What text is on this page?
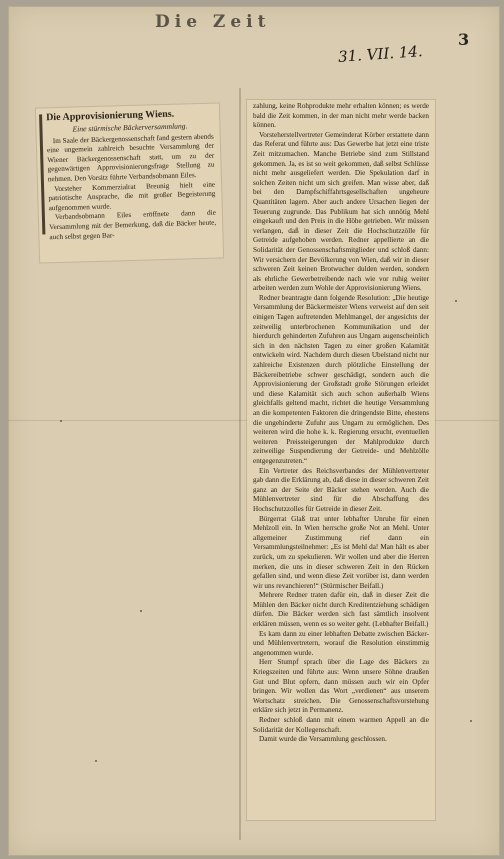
Die Zeit
3
31. VII. 14.
Die Approvisionierung Wiens.
Eine stürmische Bäckerversammlung.

Im Saale der Bäckergenossenschaft fand gestern abends eine ungemein zahlreich besuchte Versammlung der Wiener Bäckergenossenschaft statt, um zu der gegenwärtigen Approvisionierungsfrage Stellung zu nehmen. Den Vorsitz führte Verbandsobmann Eiles.

Vorsteher Kommerzialrat Breunig hielt eine patriotische Ansprache, die mit großer Begeisterung aufgenommen wurde.

Verbandsobmann Eiles eröffnete dann die Versammlung mit der Bemerkung, daß die Bäcker heute, auch selbst gegen Bar-

zahlung, keine Rohprodukte mehr erhalten können; es werde bald die Zeit kommen, in der man nicht mehr werde backen können.

Vorsteherstellvertreter Gemeinderat Körber erstattete dann das Referat und führte aus: Das Gewerbe hat jetzt eine triste Zeit mitzumachen. Manche Betriebe sind zum Stillstand gekommen. Ja, es ist so weit gekommen, daß selbst Schlüsse nicht mehr ausgeliefert werden. Die Spekulation darf in solchen Zeiten nicht um sich greifen. Man wisse aber, daß bei den Dampfschiffahrtsgesellschaften ungeheure Quantitäten lagern. Aber auch andere Ursachen liegen der Teuerung zugrunde. Das Publikum hat sich unnötig Mehl eingekauft und den Preis in die Höhe getrieben. Wir müssen verlangen, daß in dieser Zeit die Hochschutzzölle für Getreide aufgehoben werden. Redner appellierte an die Solidarität der Genossenschaftsmitglieder und schloß dann: Wir versichern der Bevölkerung von Wien, daß wir in dieser schweren Zeit keinen Brotwucher dulden werden, sondern als ehrliche Gewerbetreibende nach wie vor ruhig weiter arbeiten werden zum Wohle der Approvisionierung Wiens.

Redner beantragte dann folgende Resolution: „Die heutige Versammlung der Bäckermeister Wiens verweist auf den seit einigen Tagen auftretenden Mehlmangel, der angesichts der zeitweilig unterbrochenen Kommunikation und der hierdurch gehinderten Zufuhren aus Ungarn augenscheinlich sich in den nächsten Tagen zu einer großen Kalamität entwickeln wird. Nachdem durch diesen Ubelstand nicht nur zahlreiche Existenzen durch plötzliche Einstellung der Bäckereibetriebe schwer geschädigt, sondern auch die Approvisionierung der Großstadt große Störungen erleidet und diese Kalamität sich auch schon außerhalb Wiens gleichfalls geltend macht, richtet die heutige Versammlung an die kompetenten Faktoren die dringendste Bitte, ehestens die ungehinderte Zufuhr aus Ungarn zu ermöglichen. Des weiteren wird die hohe k. k. Regierung ersucht, eventuellen weiteren Preissteigerungen der Mahlprodukte durch zeitweilige Suspendierung der Getreide- und Mehlzölle entgegenzutreten.“

Ein Vertreter des Reichsverbandes der Mühlenvertreter gab dann die Erklärung ab, daß diese in dieser schweren Zeit ganz an der Seite der Bäcker stehen werden. Auch die Mühlenvertreter sind für die Abschaffung des Hochschutzzolles für Getreide in dieser Zeit.

Bürgerrat Glaß trat unter lebhafter Unruhe für einen Mehlzoll ein. In Wien herrsche große Not an Mehl. Unter allgemeiner Zustimmung rief dann ein Versammlungsteilnehmer: „Es ist Mehl da! Man hält es aber zurück, um zu spekulieren. Wir wollen und aber die Herren merken, die uns in dieser schweren Zeit in den Rücken gefallen sind, und wenn diese Zeit vorüber ist, dann werden wir uns revanchieren!“ (Stürmischer Beifall.)

Mehrere Redner traten dafür ein, daß in dieser Zeit die Mühlen den Bäcker nicht durch Kreditentziehung schädigen dürfen. Die Bäcker werden sich fast sämtlich insolvent erklären müssen, wenn es so weiter geht. (Lebhafter Beifall.)

Es kam dann zu einer lebhaften Debatte zwischen Bäcker- und Mühlenvertretern, worauf die Resolution einstimmig angenommen wurde.

Herr Stumpf sprach über die Lage des Bäckers zu Kriegszeiten und führte aus: Wenn unsere Söhne draußen Gut und Blut opfern, dann müssen auch wir ein Opfer bringen. Wir wollen das Wort „verdienen“ aus unserem Wortschatz streichen. Die Genossenschaftsvorstehung erkläre sich jetzt in Permanenz.

Redner schloß dann mit einem warmen Appell an die Solidarität der Kollegenschaft.

Damit wurde die Versammlung geschlossen.
